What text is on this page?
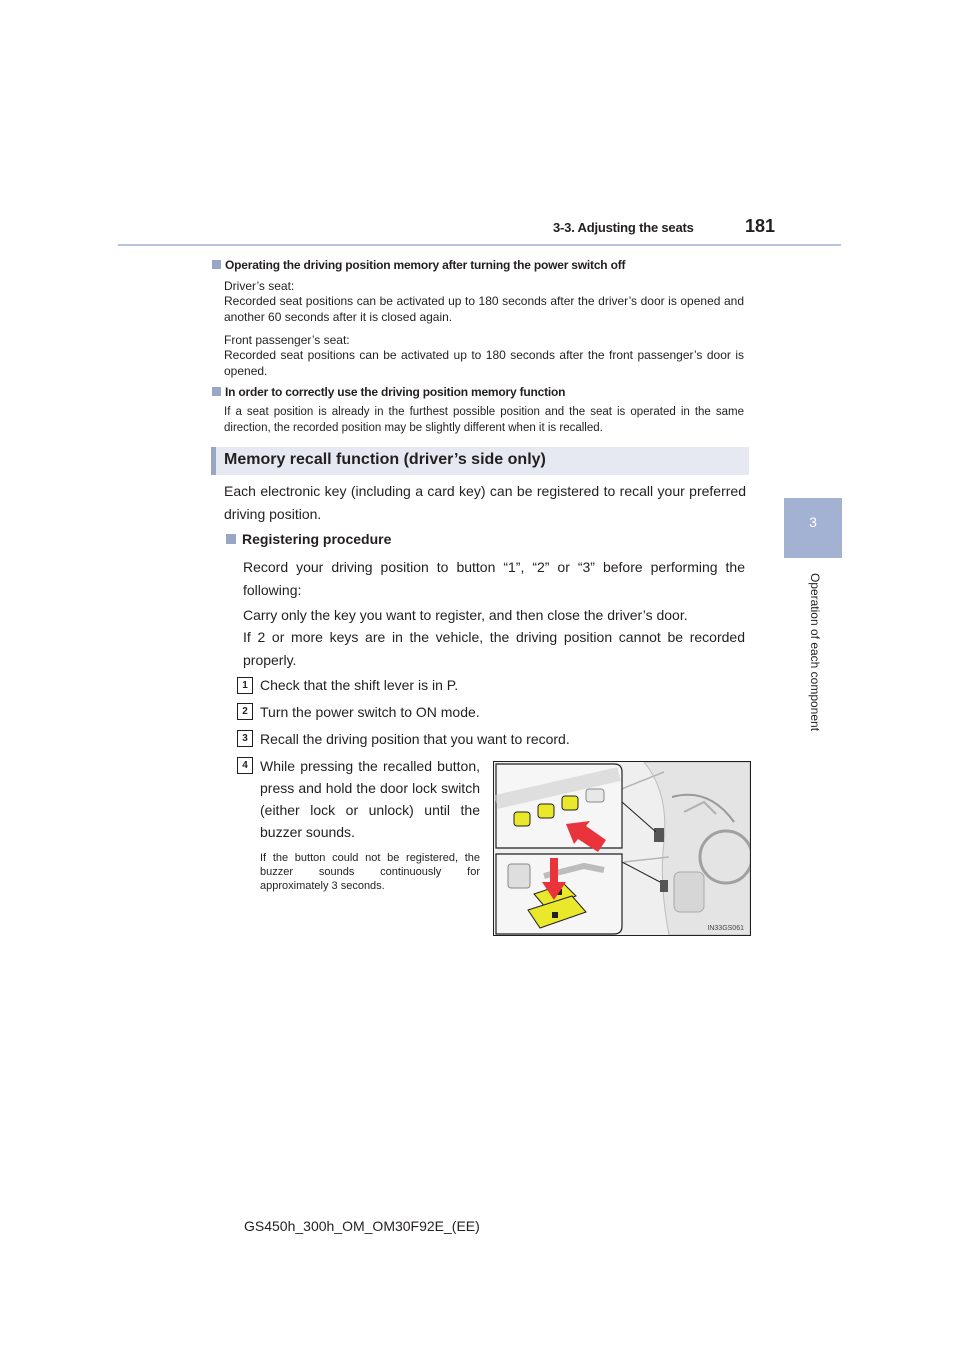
3-3. Adjusting the seats	181
3
Operation of each component
Operating the driving position memory after turning the power switch off
Driver’s seat:
Recorded seat positions can be activated up to 180 seconds after the driver’s door is opened and another 60 seconds after it is closed again.
Front passenger’s seat:
Recorded seat positions can be activated up to 180 seconds after the front passenger’s door is opened.
In order to correctly use the driving position memory function
If a seat position is already in the furthest possible position and the seat is operated in the same direction, the recorded position may be slightly different when it is recalled.
Memory recall function (driver’s side only)
Each electronic key (including a card key) can be registered to recall your preferred driving position.
Registering procedure
Record your driving position to button “1”, “2” or “3” before performing the following:
Carry only the key you want to register, and then close the driver’s door.
If 2 or more keys are in the vehicle, the driving position cannot be recorded properly.
1 Check that the shift lever is in P.
2 Turn the power switch to ON mode.
3 Recall the driving position that you want to record.
4 While pressing the recalled button, press and hold the door lock switch (either lock or unlock) until the buzzer sounds.
If the button could not be registered, the buzzer sounds continuously for approximately 3 seconds.
IN33GS061
GS450h_300h_OM_OM30F92E_(EE)
